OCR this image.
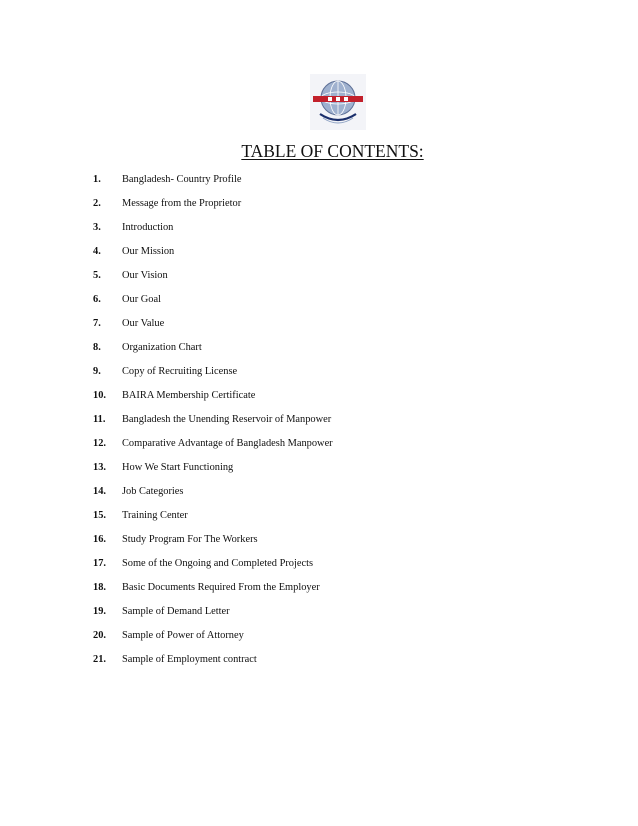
TABLE OF CONTENTS:
1.	Bangladesh- Country Profile
2.	Message from the Proprietor
3.	Introduction
4.	Our Mission
5.	Our Vision
6.	Our Goal
7.	Our Value
8.	Organization Chart
9.	Copy of Recruiting License
10.	BAIRA Membership Certificate
11.	Bangladesh the Unending Reservoir of Manpower
12.	Comparative Advantage of Bangladesh Manpower
13.	How We Start Functioning
14.	Job Categories
15.	Training Center
16.	Study Program For The Workers
17.	Some of the Ongoing and Completed Projects
18.	Basic Documents Required From the Employer
19.	Sample of Demand Letter
20.	Sample of Power of Attorney
21.	Sample of Employment contract
